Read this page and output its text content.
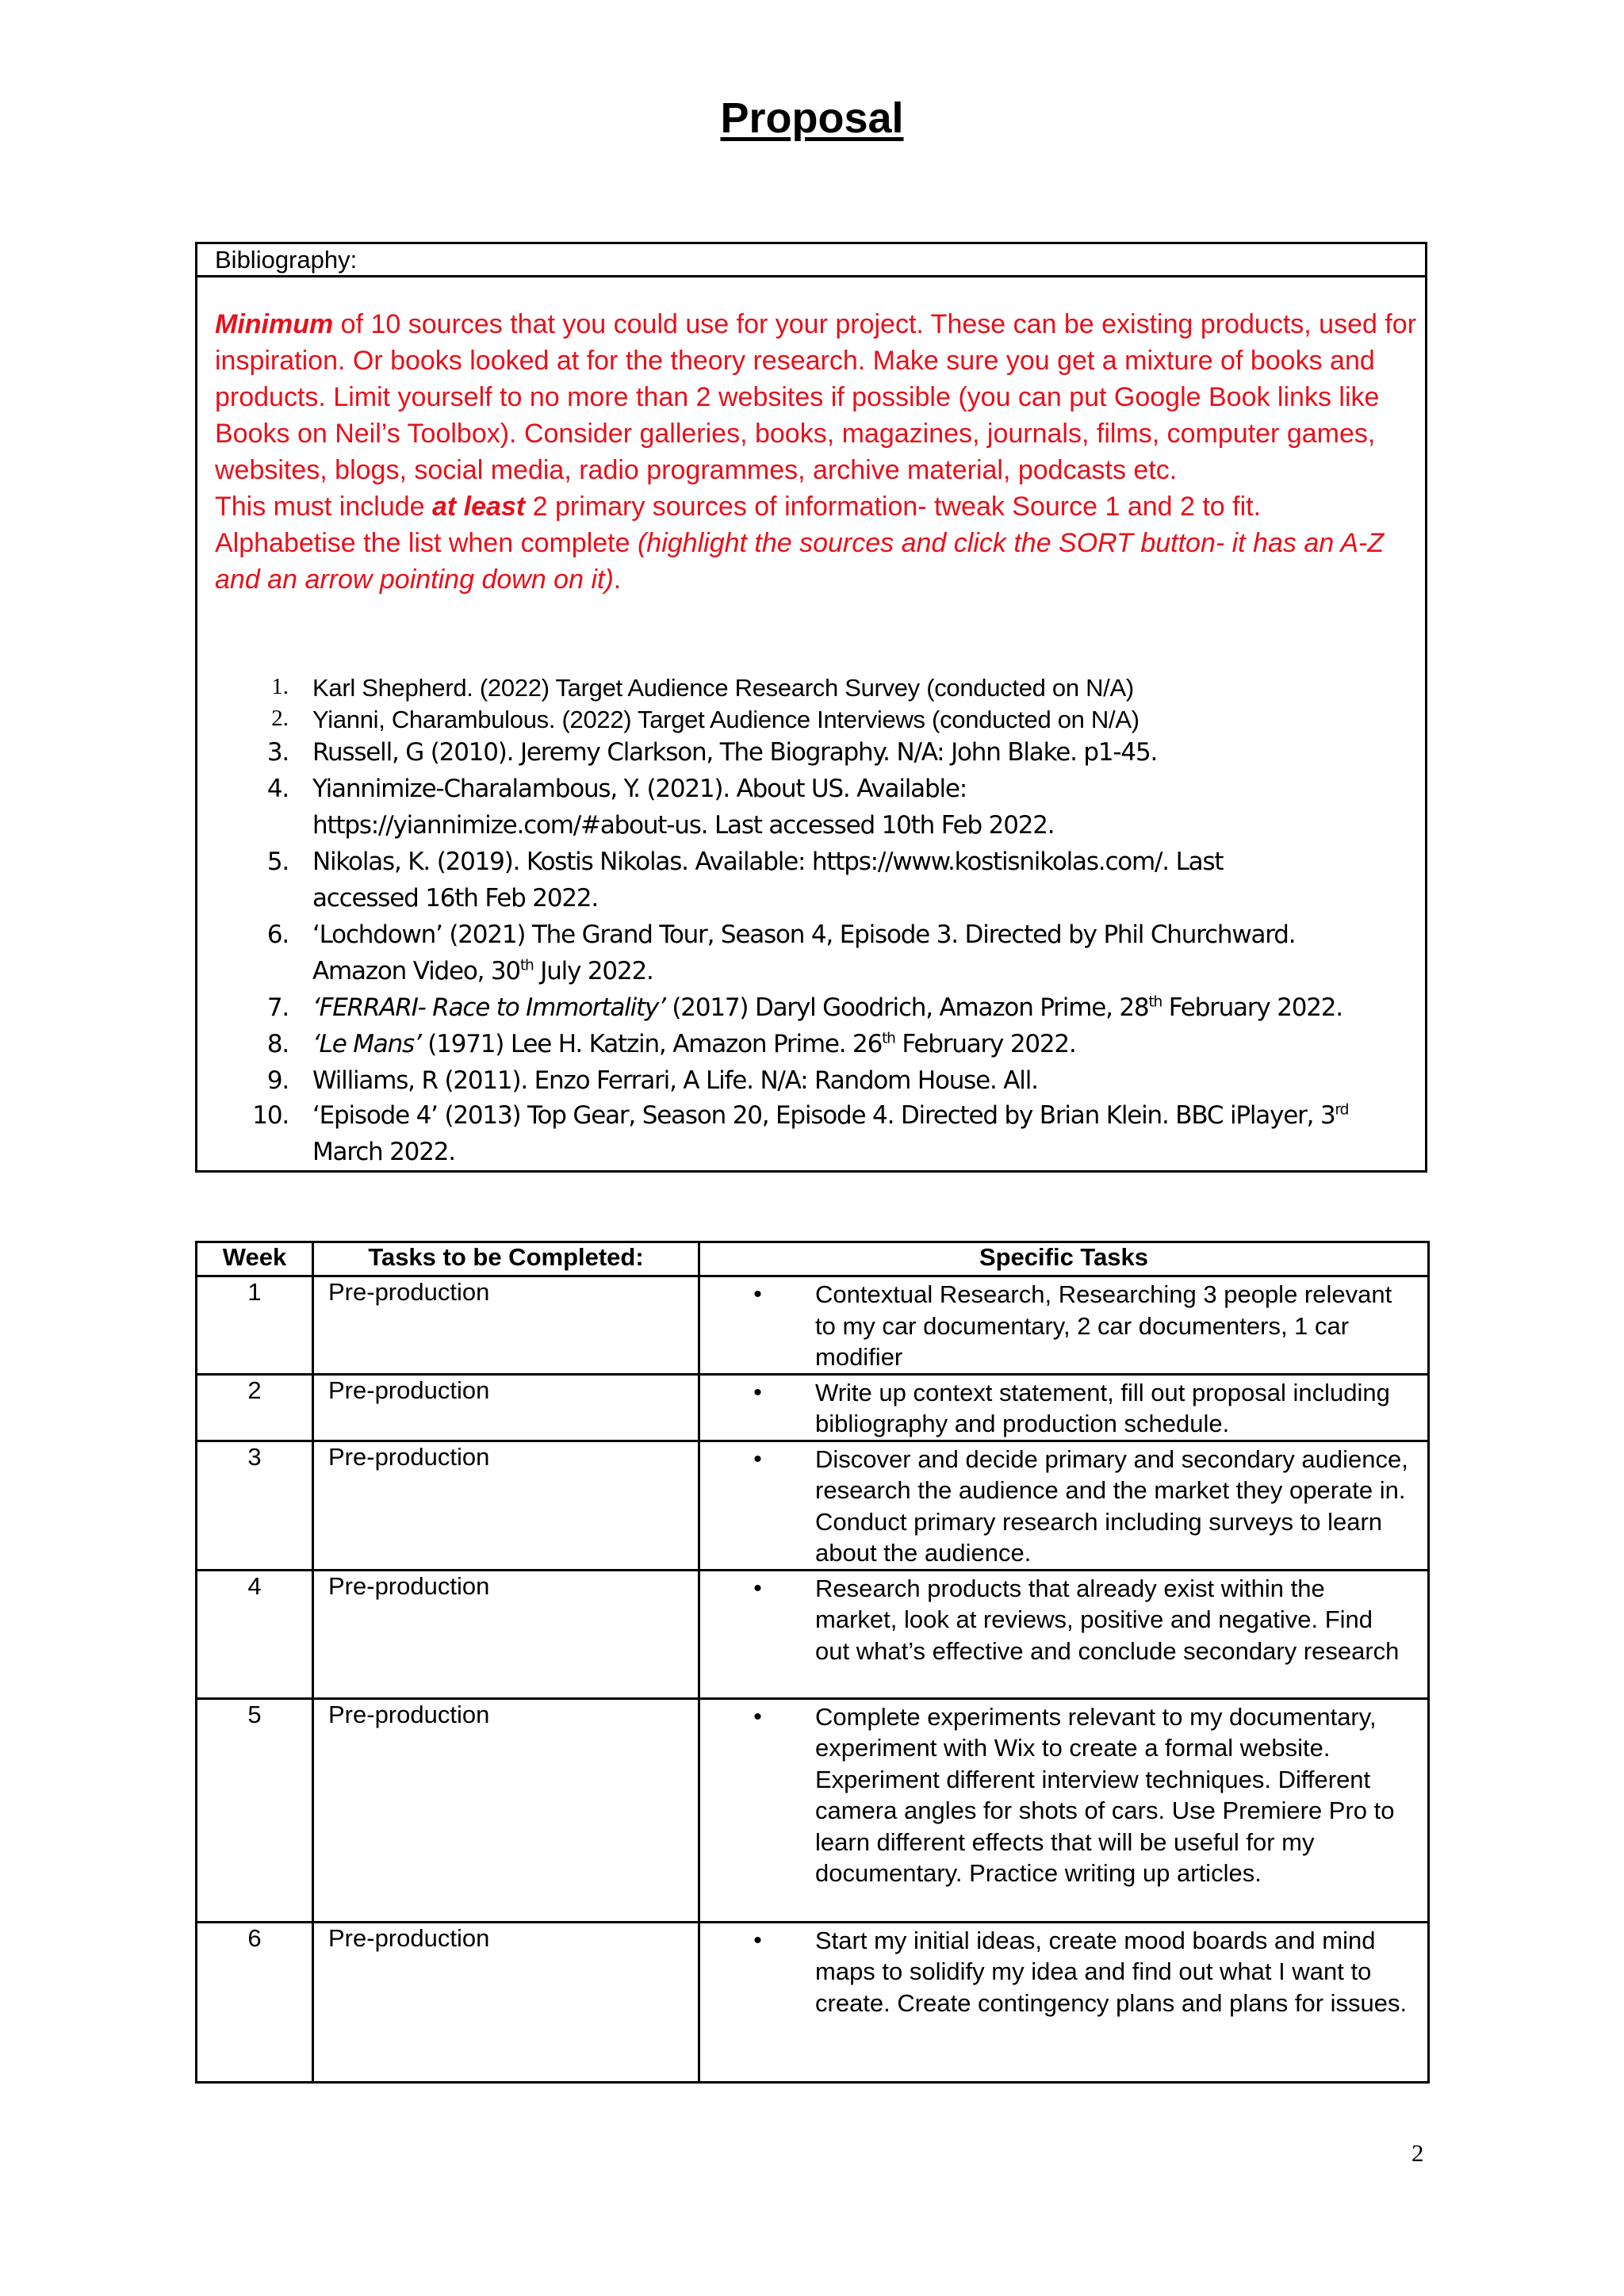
Proposal
Bibliography:
Minimum of 10 sources that you could use for your project. These can be existing products, used for inspiration. Or books looked at for the theory research. Make sure you get a mixture of books and products. Limit yourself to no more than 2 websites if possible (you can put Google Book links like Books on Neil’s Toolbox). Consider galleries, books, magazines, journals, films, computer games, websites, blogs, social media, radio programmes, archive material, podcasts etc.
This must include at least 2 primary sources of information- tweak Source 1 and 2 to fit.
Alphabetise the list when complete (highlight the sources and click the SORT button- it has an A-Z and an arrow pointing down on it).
1. Karl Shepherd. (2022) Target Audience Research Survey (conducted on N/A)
2. Yianni, Charambulous. (2022) Target Audience Interviews (conducted on N/A)
3. Russell, G (2010). Jeremy Clarkson, The Biography. N/A: John Blake. p1-45.
4. Yiannimize-Charalambous, Y. (2021). About US. Available:
https://yiannimize.com/#about-us. Last accessed 10th Feb 2022.
5. Nikolas, K. (2019). Kostis Nikolas. Available: https://www.kostisnikolas.com/. Last
accessed 16th Feb 2022.
6. ‘Lochdown’ (2021) The Grand Tour, Season 4, Episode 3. Directed by Phil Churchward.
Amazon Video, 30th July 2022.
7. ‘FERRARI- Race to Immortality’ (2017) Daryl Goodrich, Amazon Prime, 28th February 2022.
8. ‘Le Mans’ (1971) Lee H. Katzin, Amazon Prime. 26th February 2022.
9. Williams, R (2011). Enzo Ferrari, A Life. N/A: Random House. All.
10. ‘Episode 4’ (2013) Top Gear, Season 20, Episode 4. Directed by Brian Klein. BBC iPlayer, 3rd
March 2022.
Week	Tasks to be Completed:	Specific Tasks
1	Pre-production	• Contextual Research, Researching 3 people relevant to my car documentary, 2 car documenters, 1 car modifier

2	Pre-production	• Write up context statement, fill out proposal including bibliography and production schedule.

3	Pre-production	• Discover and decide primary and secondary audience, research the audience and the market they operate in. Conduct primary research including surveys to learn about the audience.

4	Pre-production	• Research products that already exist within the market, look at reviews, positive and negative. Find out what’s effective and conclude secondary research

5	Pre-production	• Complete experiments relevant to my documentary, experiment with Wix to create a formal website. Experiment different interview techniques. Different camera angles for shots of cars. Use Premiere Pro to learn different effects that will be useful for my documentary. Practice writing up articles.

6	Pre-production	• Start my initial ideas, create mood boards and mind maps to solidify my idea and find out what I want to create. Create contingency plans and plans for issues.
2
